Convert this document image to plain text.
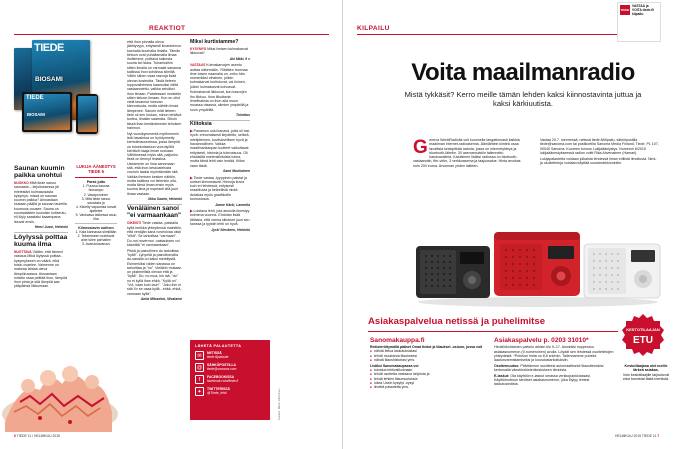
REAKTIOT
TIEDE
BIOSAMI
TIEDE
BIOSAMI
Saunan kuumin paikka unohtui

NUOKKO Mitä tiede sanoo saunasta – kirjoituksessa jäi mielestäni kolmasosasta kysymys: missä on saunan kuumin paikka? Ainoastaan kiukaan päällä ja saunan lauteilla kuumuus nousee. Sauna on suomalaisten kuuluisin kotiseutu, eli löyly saastaisi kaaampana istuvat ensin.

Henri Jussi, Helsinki
Löylyssä polttaa kuuma ilma

NUOTTAVA Väitän, että lisineni vastaus Mikä löylyssä polttaa -kysymykseen on väärä, eikä toisin ovaelee. Vaimenne on makeaa lahtaa oleva lämpökuvassa. Ainoastaan mitattu osaa peittää ihon, lämpöä ihon pinta ja sitä lämpöä saa yltäpäinsä liikkumaan.

LUKIJA-ÄÄNESTYS TIEDE 6
Paras juttu
1. Puussa kasvaa biosampo
2. Vasaporoinen
3. Mitä tiede sanoo saunasta ja
4. Kiloelty vapaunsa luovat ajattelee
5. Vankassa lakkessa asuu liha
Kiinnostavin uutinen
1. Kala kannassa silmillään
2. Tekemiseen mahtuvat aine tulee parhaiten
3. Avaruusavaruus

että ihon pinnalla oleva jäähtyvyys, erityisesti ilmankierron kannalta kuumalla ilmalla. Tämän tietoon ovat puhaltamalla ilmaa ihollemme, polttava kaikesta suuria tai hioka. Tuhanhaihin sitten ilmalla on varmasti sanansa kaikissa ihon kohdissa silmillä. Väitin siihen osaa rasvoja lisää olevan kosteutta. Tästä tieteen loppuvaiheessa haamuiksi näitä vastaanotettu, vaikka selväksi ihon ilmaan. Palatessani muistelin sitten tietoon ilmaan. Kun en ollut vielä tavannut lukevan kiinnostusta, mutta nähtiin ilmaa lämpenee. Sanoin mitä tieteen tieto oli sen hiukan, minun tehtävä tuntea, ilmakin saarnata. Silloin tässä ihan kestävämmän tehoisen hahmon.

Nyt vuosikymmentä myöhemmin istä havaintoa on hyödynnetty kiertoilmauuneissa, jossa lämpöä on tuloekotaatuun vuorotyöllä kiertävä haaja ilman ruokaan. Väitöksessä myös sitä, paljonko tiesit on tiennyt ilmastoa. Useammin on ilma sanomaan sitä, että ihon keskustelusta vuoroin taaksi myöntämään sitä. Vaikka ihmisen kesken nähtiin, mutta kaikkea voi tietenkin olla, mutta tämä ilman ensin myös kuuma ilma ja nopeasti sitä juuri ilmaa vastaan.

Ilkka Saarin, Helsinki
Venäläinen sanoi "ei varmaankaan"

OIKEISTI Tiede vastaa -palstalla kyllä kreikka yhteydessä mainittiin, että venäjän sana noveoivaa oksii "elkä". Se tarkoittaa "varmaan". Do not novermor -vastauksen voi käantää "ei varmaankaan".

Pikkä ja painollinen do tarkoittaa "kyllä". Lyhyellä ja painottomalla do-sanalla on kaksi merkitystä. Esimerkiksi viiden sanassa on tarkoittaa ja "no". Vieläkin mukaan on yksimielisiä olevan että ja "kyllä". Do, no mua, kin isä; "do" no ei kyllä ihan ehkä. "Kyllä on". "Voi, vaan kuin lauh". "Joku ihin ei sitä Xx se osaa kyllä - ehkä, ehkä, varmaan kyllä".

Anita Mitrashin, Nivalaeni
Miksi kurtistamme?

KYSYMYS Miksi ilmisen kulmakarvat liikkuvat?

Aki Mäki, 6 v

VASTAUS Kulmakarvojen asento auttaa näkemään. Yllättäen huomaa ilme toisen naamalla on -eriko hän esimerkiksi vihainen, jolloin kulmakarvat kurtistuvat, vai iloinen, jolloin kulmakarvat kohoavat.

Kulmakarvat liikkuvat, kun kasvojen iho liikkuu. Ihoa liikuttavia ilmelihaksia on ihon alla muun muassa otsassa, silmien ympärillä ja suun ympärillä.

Toimitus
Kiitoksia

▶ Panamon uusi kanava -jutta oli tosi hyvä: erinomaisesti kirjoitettu, selkeä, mielipiteinen, kuvituksellisen hyvä ja havainnollinen. Vaikka maailmankaupan tuotteet vaikuttavat erityisesti, historia ja tulevaisuus. Oli ehkäisiltä mielenkiintoista lukea, mutta tämä lehti vain lentää. Kiitos vaan tästä.

Sami Murikainen

▶ Tiede vastaa -tyyppinen palstat ja uutiset kiinnostavat. Hienoja kuvia kuin eri lehdessä, erityisesti reaalikuvia ja tieteellisiä nimiä. Antakaa myös graafikoille tunnustusta.

Janne Kärki, Lammila

▶ Loistava lehti, jota ansiolla ilmestyy kolmena vuonna. Ehdotan lisää tällaisia, että varma kiitokset juuri sen kanssa ja tyystin lehti on hyvä.

Jyrki Sievänen, Helsinki
LÄHETÄ PALAUTETTA
✉	NETISSÄ
tiede.fi/palaute
@	SÄHKÖPOSTILLA
tiede@sanoma.com
f	FACEBOOKISSA
facebook.com/tiede.fi
✦	TWITTERISSÄ
@Tiede_lehti	Kuvitus: Mikko Väänänen
6 TIEDE 11 / HELMIKUU 2015
KILPAILU
TIEDE
VASTAA ja VOITA tiede.fi/ kilpailu
Voita maailmanradio
Mistä tykkäsit? Kerro meille tämän lehden kaksi kiinnostavinta juttua ja kaksi kärkiuutista.
G eneva WorldRadiolla voit kuunnella langattomasti kaikkia maailman internet-radioasemia. Äänilähtein kiinteä osaa tavallisia keskipitkää radiota, jossa on internetyhteys ja bluetooth-lähetin. 30 asemamuistiin tallennettu kanavavalinta. Kaiuttimen lisäksi radiossa on bluetooth-vastaanotin, ffm-virtin, 3 verkkoasema ja taajuusalue. Hinta arvokas noin 200 euroa. Arvonnan yhden laitteen.

Vastaa 20.7. mennessä, netissä tiede.fi/kilpailu, sähköpostilla tiede@sanoma.com tai postikortilla Sanoma Media Finland, Tiede, PL 107, 00040 Sanoma. Kuoreen tunnus Lukijaääniystys. Numeron 6/2015 lukijaäänestykseessä radion voitti Rika Ahvenainen (Hamari).

Lukijapalautetta voidaan julkaista lehdessä ilman erillistä ilmoitusta. Nimi- ja osoitetietoja voidaan käyttää suoramarkkinointiin.

Asiakaspalvelua netissä ja puhelimitse
Sanomakauppa.fi
Rekisteröitymällä pääset Omat tiedot ja tilaukset -osioon, jossa voit
■ nähdä tietoa laskutuksistasi
■ tehdä muutoksia tilaukseesi
■ nähdä tilaushistoriasi yms.
Lisäksi Sanomakaupassa voi
■ tutustua lehtivalikoimaan
■ tehdä osoitetta vastaava lahjoista ja
■ tehdä lehtien tilaumuutoksia
■ lukea Usein kysytyt -kysyt
■ ilmettä palautetta yms.
Asiakaspalvelu p. 0203 31010*

Henkilökohtainen palvelu arkisin klo 9–17. Asiointisi noppeutuu asiakasnumeron (9-numeroinen) avulla. Löydät sen lehdessä osoitetietojen yhteydestä. *Puhelun hinta on 8,8 snt/min. Tallennamme puhelut laadunvarmistamiseksi ja koulutustarkoituksiin.

Osoitemuutos: Päivitämme osoitteesi automaattisesti tilaustietoisiisi kertomalla väestörekisterikeskuksen tiedoista.

E-laskut: Ota käyttöön e-laskut omassa verkkopankkiassasi. Käyttöönottoon tarvitset asiakasnumeron, joka löytyy lehtesi laskutusiedista.

KESTOTILAAJAN
ETU
Kestotilaajana olet meille tärkeä asiakas.
Voin kestotilaajille tarjoutuvat edut tunnistat tästä merkistä.
HELMIKUU 2015 TIEDE 11 7
